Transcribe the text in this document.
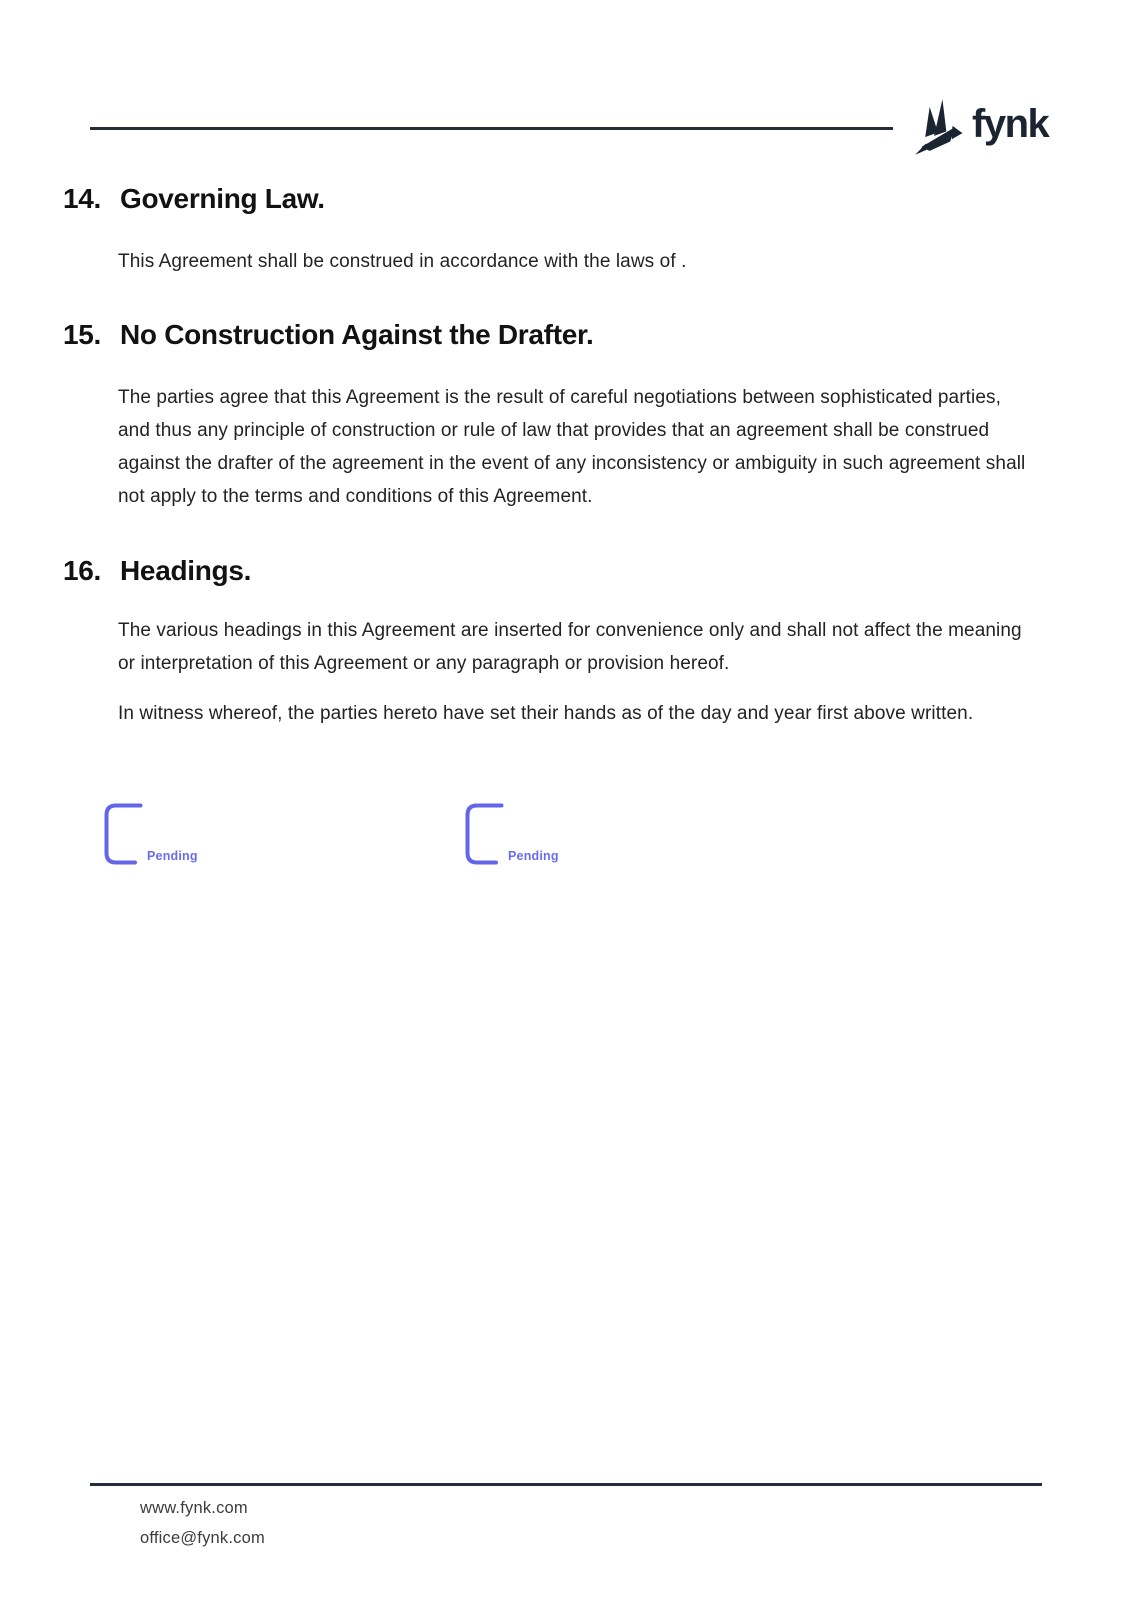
fynk
14. Governing Law.

This Agreement shall be construed in accordance with the laws of .

15. No Construction Against the Drafter.

The parties agree that this Agreement is the result of careful negotiations between sophisticated parties, and thus any principle of construction or rule of law that provides that an agreement shall be construed against the drafter of the agreement in the event of any inconsistency or ambiguity in such agreement shall not apply to the terms and conditions of this Agreement.

16. Headings.

The various headings in this Agreement are inserted for convenience only and shall not affect the meaning or interpretation of this Agreement or any paragraph or provision hereof.

In witness whereof, the parties hereto have set their hands as of the day and year first above written.

Pending	Pending
www.fynk.com
office@fynk.com
